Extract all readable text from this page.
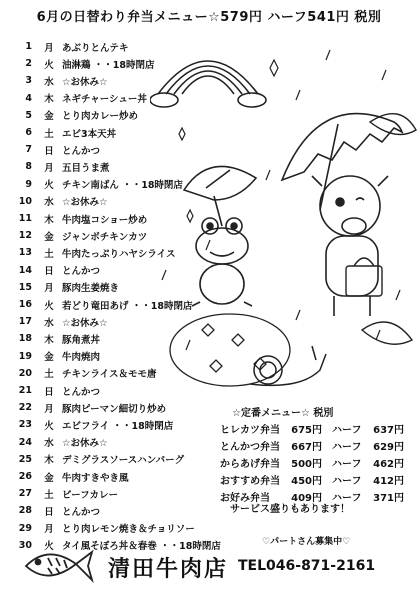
6月の日替わり弁当メニュー☆579円 ハーフ541円 税別
1	月 あぶりとんテキ
2	火 油淋鶏 ・・18時閉店
3	水 ☆お休み☆
4	木 ネギチャーシュー丼
5	金 とり肉カレー炒め
6	土 エビ3本天丼
7	日 とんかつ
8	月 五目うま煮
9	火 チキン南ばん ・・18時閉店
10	水 ☆お休み☆
11	木 牛肉塩コショー炒め
12	金 ジャンボチキンカツ
13	土 牛肉たっぷりハヤシライス
14	日 とんかつ
15	月 豚肉生姜焼き
16	火 若どり竜田あげ ・・18時閉店
17	水 ☆お休み☆
18	木 豚角煮丼
19	金 牛肉焼肉
20	土 チキンライス＆モモ唐
21	日 とんかつ
22	月 豚肉ピーマン細切り炒め
23	火 エビフライ ・・18時閉店
24	水 ☆お休み☆
25	木 デミグラスソースハンバーグ
26	金 牛肉すきやき風
27	土 ビーフカレー
28	日 とんかつ
29	月 とり肉レモン焼き＆チョリソー
30	火 タイ風そぼろ丼＆春巻 ・・18時閉店
☆定番メニュー☆ 税別
ヒレカツ弁当	675円 ハーフ	637円
とんかつ弁当	667円 ハーフ	629円
からあげ弁当	500円 ハーフ	462円
おすすめ弁当	450円 ハーフ	412円
お好み弁当	409円 ハーフ	371円
サービス盛りもあります！
♡パートさん募集中♡
清田牛肉店 TEL046-871-2161
